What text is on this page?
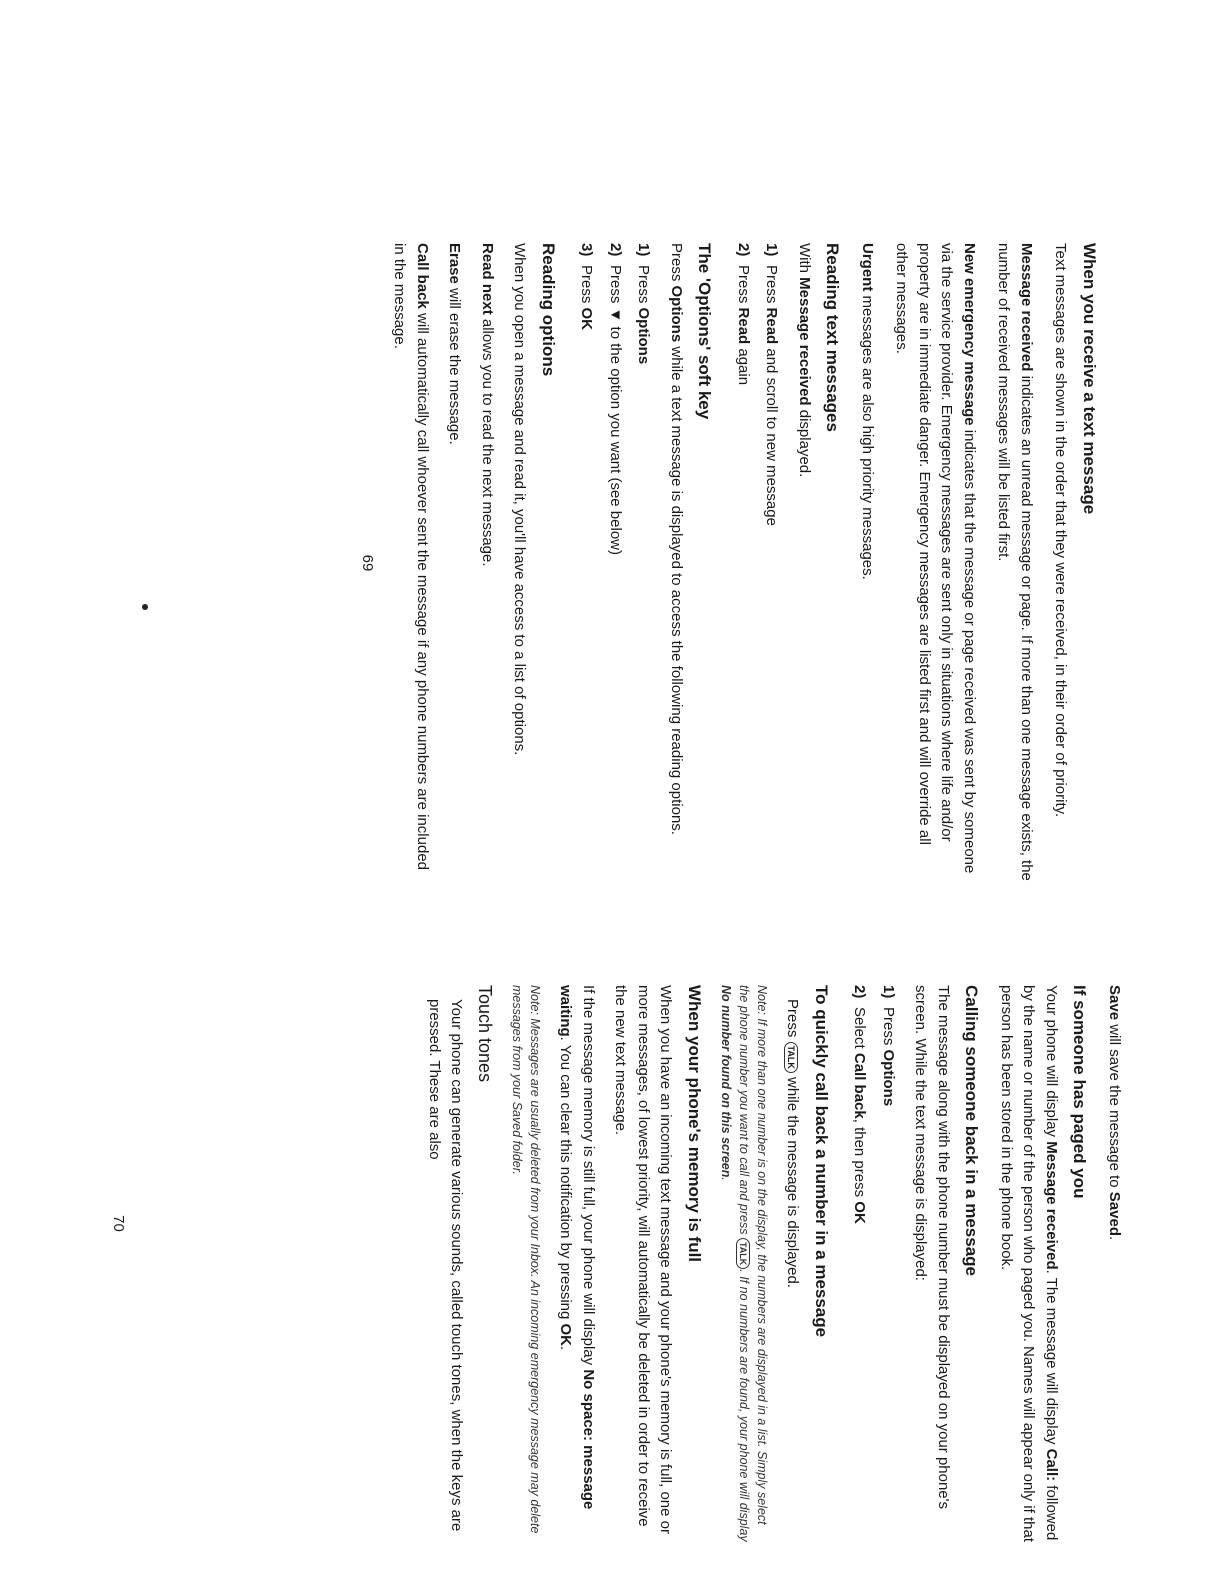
When you receive a text message

Text messages are shown in the order that they were received, in their order of priority.

Message received indicates an unread message or page. If more than one message exists, the number of received messages will be listed first.

New emergency message indicates that the message or page received was sent by someone via the service provider. Emergency messages are sent only in situations where life and/or property are in immediate danger. Emergency messages are listed first and will override all other messages.

Urgent messages are also high priority messages.

Reading text messages

With Message received displayed.

1)Press Read and scroll to new message
2)Press Read again
The 'Options' soft key

Press Options while a text message is displayed to access the following reading options.

1)Press Options
2)Press ▼ to the option you want (see below)
3)Press OK
Reading options

When you open a message and read it, you'll have access to a list of options.

Read next allows you to read the next message.

Erase will erase the message.

Call back will automatically call whoever sent the message if any phone numbers are included in the message.

69

Save will save the message to Saved.

If someone has paged you

Your phone will display Message received. The message will display Call: followed by the name or number of the person who paged you. Names will appear only if that person has been stored in the phone book.

Calling someone back in a message

The message along with the phone number must be displayed on your phone's screen. While the text message is displayed:

1)Press Options
2)Select Call back, then press OK
To quickly call back a number in a message

Press TALK while the message is displayed.

Note: If more than one number is on the display, the numbers are displayed in a list. Simply select the phone number you want to call and press TALK. If no numbers are found, your phone will display No number found on this screen.

When your phone's memory is full

When you have an incoming text message and your phone's memory is full, one or more messages, of lowest priority, will automatically be deleted in order to receive the new text message.

If the message memory is still full, your phone will display No space: message waiting. You can clear this notification by pressing OK.

Note: Messages are usually deleted from your Inbox. An incoming emergency message may delete messages from your Saved folder.

Touch tones

Your phone can generate various sounds, called touch tones, when the keys are pressed. These are also

70
